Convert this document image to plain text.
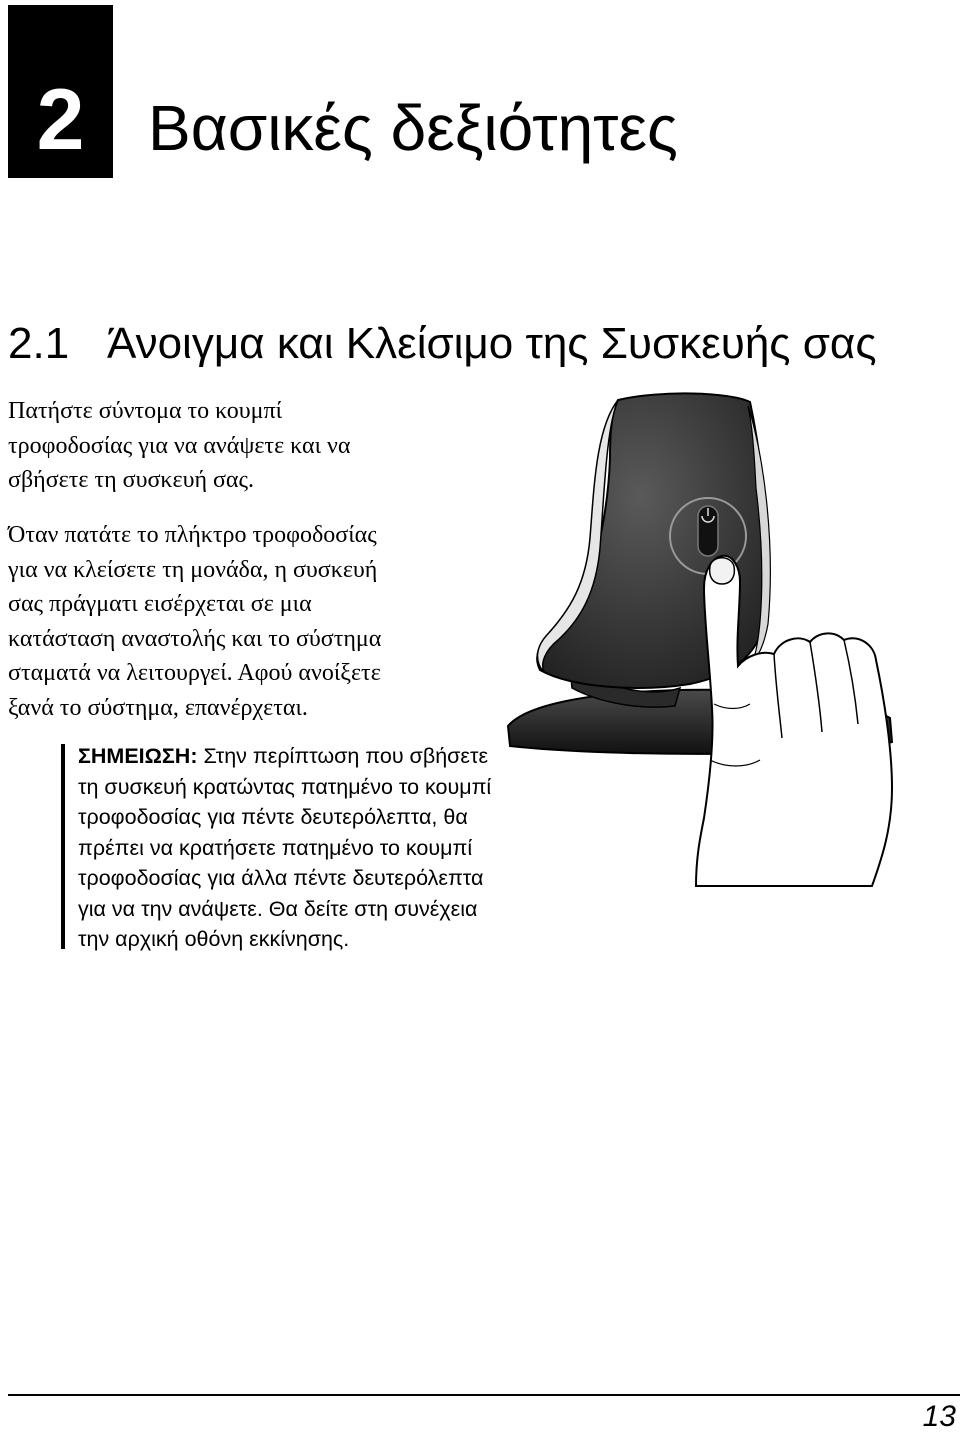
2 Βασικές δεξιότητες
2.1 Άνοιγμα και Κλείσιμο της Συσκευής σας

Πατήστε σύντομα το κουμπί
τροφοδοσίας για να ανάψετε και να
σβήσετε τη συσκευή σας.

Όταν πατάτε το πλήκτρο τροφοδοσίας
για να κλείσετε τη μονάδα, η συσκευή
σας πράγματι εισέρχεται σε μια
κατάσταση αναστολής και το σύστημα
σταματά να λειτουργεί. Αφού ανοίξετε
ξανά το σύστημα, επανέρχεται.

ΣΗΜΕΙΩΣΗ: Στην περίπτωση που σβήσετε
τη συσκευή κρατώντας πατημένο το κουμπί
τροφοδοσίας για πέντε δευτερόλεπτα, θα
πρέπει να κρατήσετε πατημένο το κουμπί
τροφοδοσίας για άλλα πέντε δευτερόλεπτα
για να την ανάψετε. Θα δείτε στη συνέχεια
την αρχική οθόνη εκκίνησης.
13
